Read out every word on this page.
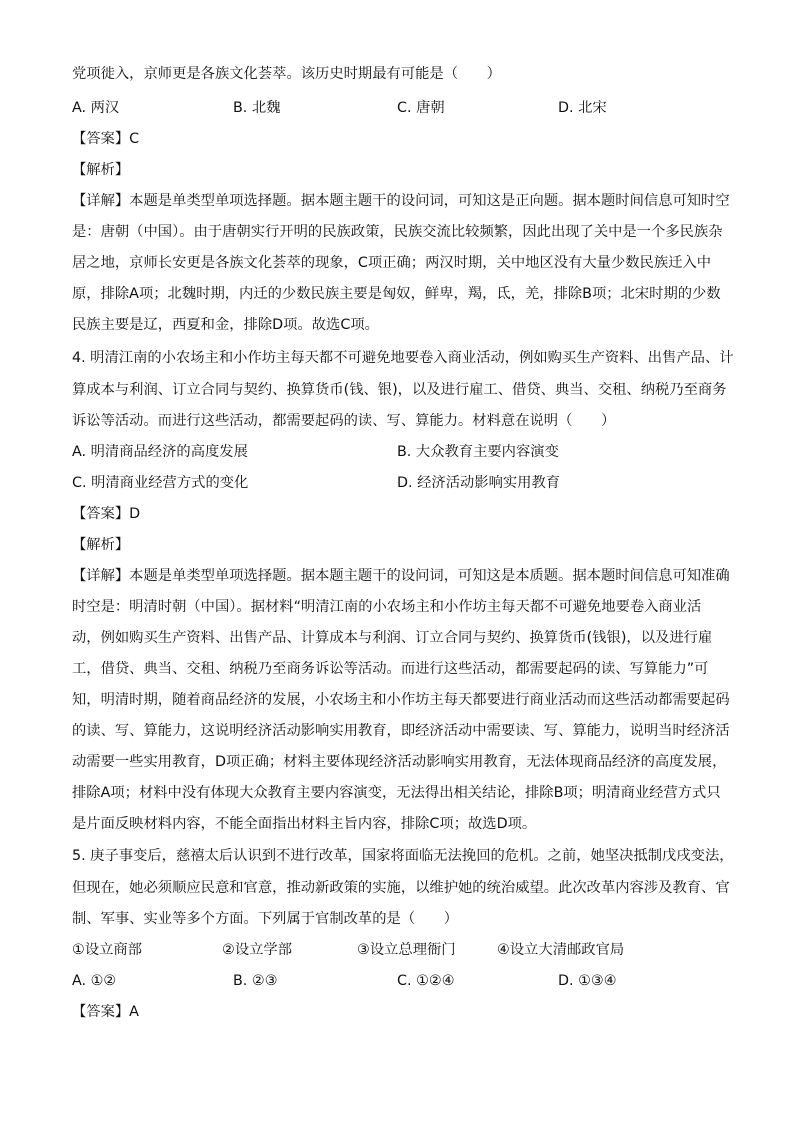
党项徙入，京师更是各族文化荟萃。该历史时期最有可能是（　　）
A. 两汉	B. 北魏	C. 唐朝	D. 北宋
【答案】C
【解析】
【详解】本题是单类型单项选择题。据本题主题干的设问词，可知这是正向题。据本题时间信息可知时空
是：唐朝（中国）。由于唐朝实行开明的民族政策，民族交流比较频繁，因此出现了关中是一个多民族杂
居之地，京师长安更是各族文化荟萃的现象，C项正确；两汉时期，关中地区没有大量少数民族迁入中
原，排除A项；北魏时期，内迁的少数民族主要是匈奴，鲜卑，羯，氐，羌，排除B项；北宋时期的少数
民族主要是辽，西夏和金，排除D项。故选C项。
4. 明清江南的小农场主和小作坊主每天都不可避免地要卷入商业活动，例如购买生产资料、出售产品、计
算成本与利润、订立合同与契约、换算货币(钱、银)，以及进行雇工、借贷、典当、交租、纳税乃至商务
诉讼等活动。而进行这些活动，都需要起码的读、写、算能力。材料意在说明（　　）
A. 明清商品经济的高度发展	B. 大众教育主要内容演变
C. 明清商业经营方式的变化	D. 经济活动影响实用教育
【答案】D
【解析】
【详解】本题是单类型单项选择题。据本题主题干的设问词，可知这是本质题。据本题时间信息可知准确
时空是：明清时朝（中国）。据材料“明清江南的小农场主和小作坊主每天都不可避免地要卷入商业活
动，例如购买生产资料、出售产品、计算成本与利润、订立合同与契约、换算货币(钱银)，以及进行雇
工，借贷、典当、交租、纳税乃至商务诉讼等活动。而进行这些活动，都需要起码的读、写算能力”可
知，明清时期，随着商品经济的发展，小农场主和小作坊主每天都要进行商业活动而这些活动都需要起码
的读、写、算能力，这说明经济活动影响实用教育，即经济活动中需要读、写、算能力，说明当时经济活
动需要一些实用教育，D项正确；材料主要体现经济活动影响实用教育，无法体现商品经济的高度发展，
排除A项；材料中没有体现大众教育主要内容演变，无法得出相关结论，排除B项；明清商业经营方式只
是片面反映材料内容，不能全面指出材料主旨内容，排除C项；故选D项。
5. 庚子事变后，慈禧太后认识到不进行改革，国家将面临无法挽回的危机。之前，她坚决抵制戊戌变法，
但现在，她必须顺应民意和官意，推动新政策的实施，以维护她的统治威望。此次改革内容涉及教育、官
制、军事、实业等多个方面。下列属于官制改革的是（　　）
①设立商部	②设立学部	③设立总理衙门	④设立大清邮政官局
A. ①②	B. ②③	C. ①②④	D. ①③④
【答案】A
